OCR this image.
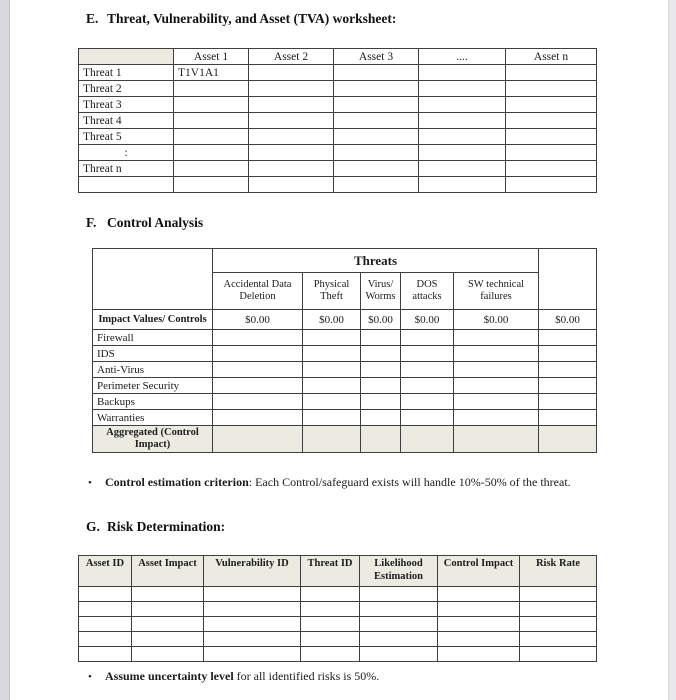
E. Threat, Vulnerability, and Asset (TVA) worksheet:
	Asset 1	Asset 2	Asset 3	....	Asset n
Threat 1	T1V1A1				
Threat 2					
Threat 3					
Threat 4					
Threat 5					
:					
Threat n					

F. Control Analysis
	Threats					
	Accidental Data Deletion	Physical Theft	Virus/ Worms	DOS attacks	SW technical failures	
Impact Values/ Controls	$0.00	$0.00	$0.00	$0.00	$0.00	$0.00
Firewall						
IDS						
Anti-Virus						
Perimeter Security						
Backups						
Warranties						
Aggregated (Control Impact)						
• Control estimation criterion: Each Control/safeguard exists will handle 10%-50% of the threat.
G. Risk Determination:
Asset ID	Asset Impact	Vulnerability ID	Threat ID	Likelihood Estimation	Control Impact	Risk Rate

• Assume uncertainty level for all identified risks is 50%.
